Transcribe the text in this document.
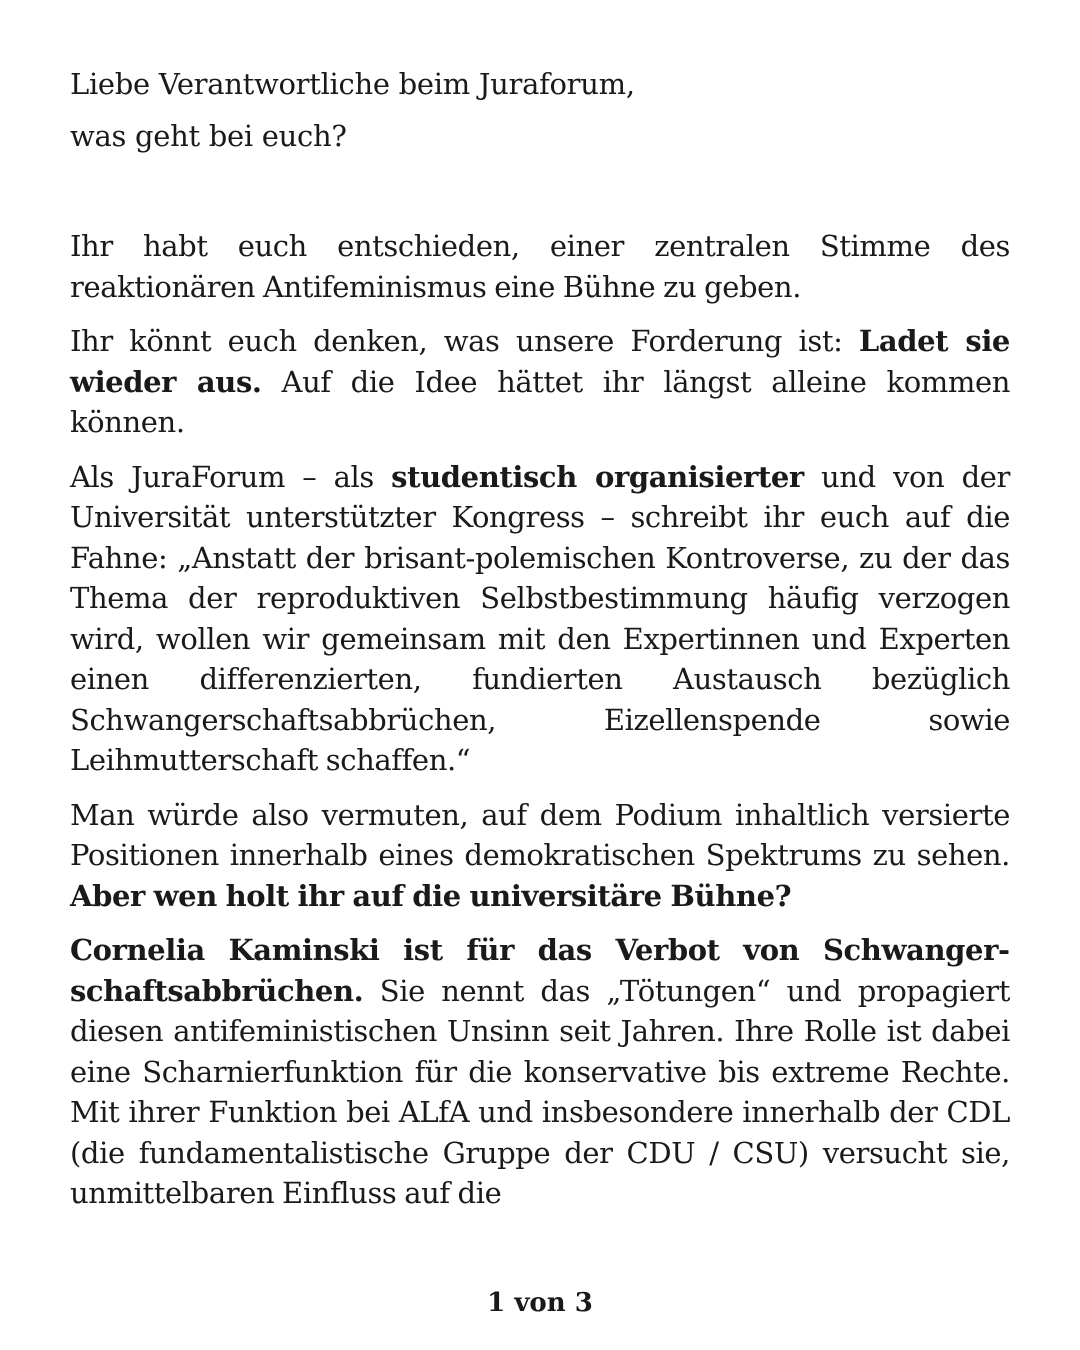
Liebe Verantwortliche beim Juraforum,

was geht bei euch?

Ihr habt euch entschieden, einer zentralen Stimme des reaktionären Antifeminismus eine Bühne zu geben.

Ihr könnt euch denken, was unsere Forderung ist: Ladet sie wieder aus. Auf die Idee hättet ihr längst alleine kommen können.

Als JuraForum – als studentisch organisierter und von der Universität unterstützter Kongress – schreibt ihr euch auf die Fahne: „Anstatt der brisant-polemischen Kontroverse, zu der das Thema der reproduktiven Selbstbestimmung häufig verzogen wird, wollen wir gemeinsam mit den Expertinnen und Experten einen differenzierten, fundierten Austausch bezüglich Schwangerschaftsabbrüchen, Eizellenspende sowie Leihmutterschaft schaffen.“

Man würde also vermuten, auf dem Podium inhaltlich versierte Positionen innerhalb eines demokratischen Spektrums zu sehen. Aber wen holt ihr auf die universitäre Bühne?

Cornelia Kaminski ist für das Verbot von Schwangerschaftsabbrüchen. Sie nennt das „Tötungen“ und propagiert diesen antifeministischen Unsinn seit Jahren. Ihre Rolle ist dabei eine Scharnierfunktion für die konservative bis extreme Rechte. Mit ihrer Funktion bei ALfA und insbesondere innerhalb der CDL (die fundamentalistische Gruppe der CDU / CSU) versucht sie, unmittelbaren Einfluss auf die

1 von 3
